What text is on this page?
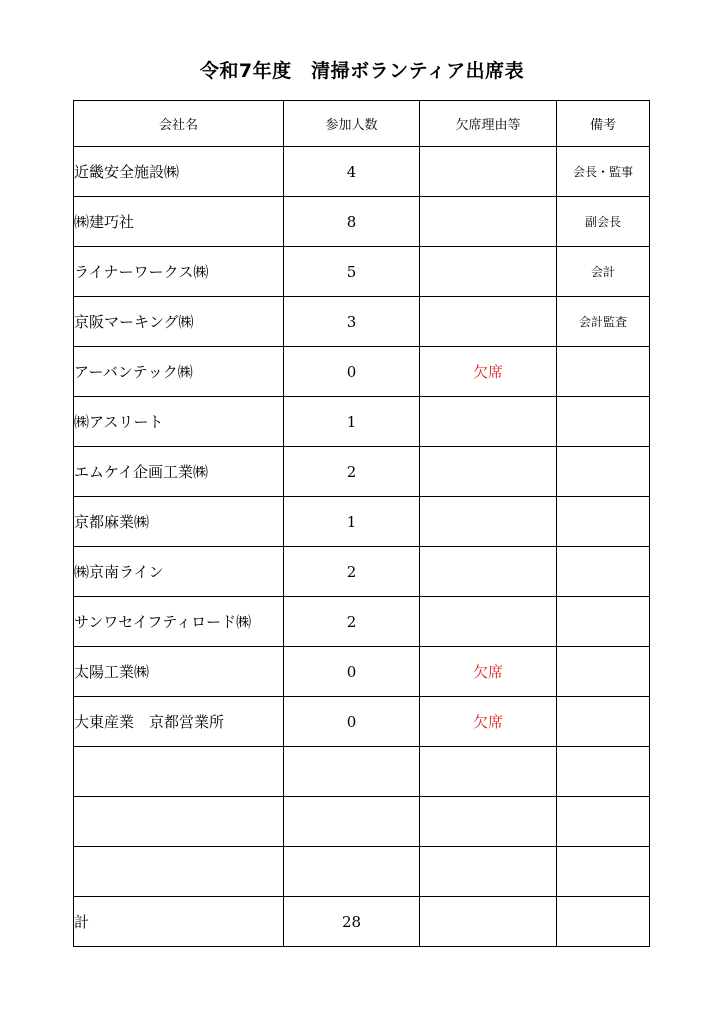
令和7年度　清掃ボランティア出席表
会社名	参加人数	欠席理由等	備考
近畿安全施設㈱	4		会長・監事
㈱建巧社	8		副会長
ライナーワークス㈱	5		会計
京阪マーキング㈱	3		会計監査
アーバンテック㈱	0	欠席	
㈱アスリート	1		
エムケイ企画工業㈱	2		
京都麻業㈱	1		
㈱京南ライン	2		
サンワセイフティロード㈱	2		
太陽工業㈱	0	欠席	
大東産業　京都営業所	0	欠席	

計	28		
